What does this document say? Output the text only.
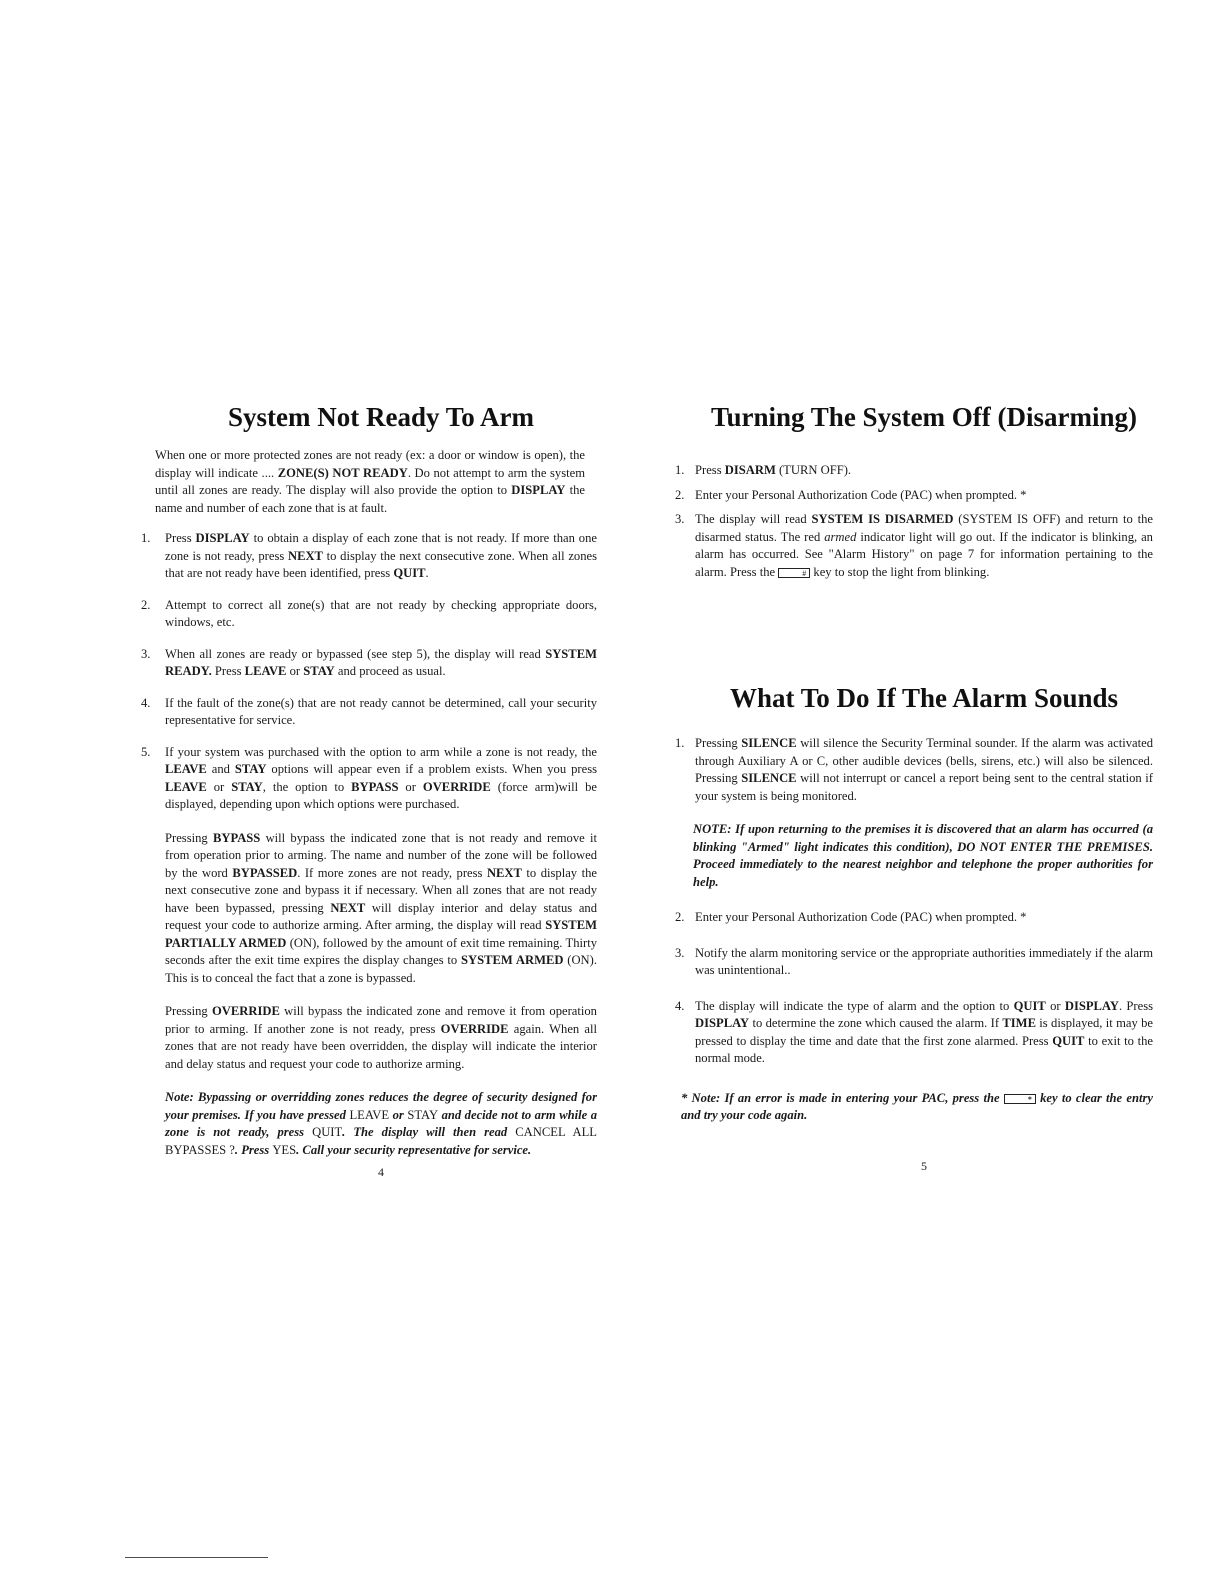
System Not Ready To Arm

When one or more protected zones are not ready (ex: a door or window is open), the display will indicate .... ZONE(S) NOT READY. Do not attempt to arm the system until all zones are ready. The display will also provide the option to DISPLAY the name and number of each zone that is at fault.

1. Press DISPLAY to obtain a display of each zone that is not ready. If more than one zone is not ready, press NEXT to display the next consecutive zone. When all zones that are not ready have been identified, press QUIT.

2. Attempt to correct all zone(s) that are not ready by checking appropriate doors, windows, etc.

3. When all zones are ready or bypassed (see step 5), the display will read SYSTEM READY. Press LEAVE or STAY and proceed as usual.

4. If the fault of the zone(s) that are not ready cannot be determined, call your security representative for service.

5. If your system was purchased with the option to arm while a zone is not ready, the LEAVE and STAY options will appear even if a problem exists. When you press LEAVE or STAY, the option to BYPASS or OVERRIDE (force arm)will be displayed, depending upon which options were purchased.

Pressing BYPASS will bypass the indicated zone that is not ready and remove it from operation prior to arming. The name and number of the zone will be followed by the word BYPASSED. If more zones are not ready, press NEXT to display the next consecutive zone and bypass it if necessary. When all zones that are not ready have been bypassed, pressing NEXT will display interior and delay status and request your code to authorize arming. After arming, the display will read SYSTEM PARTIALLY ARMED (ON), followed by the amount of exit time remaining. Thirty seconds after the exit time expires the display changes to SYSTEM ARMED (ON). This is to conceal the fact that a zone is bypassed.

Pressing OVERRIDE will bypass the indicated zone and remove it from operation prior to arming. If another zone is not ready, press OVERRIDE again. When all zones that are not ready have been overridden, the display will indicate the interior and delay status and request your code to authorize arming.

Note: Bypassing or overridding zones reduces the degree of security designed for your premises. If you have pressed LEAVE or STAY and decide not to arm while a zone is not ready, press QUIT. The display will then read CANCEL ALL BYPASSES ?. Press YES. Call your security representative for service.

4
Turning The System Off (Disarming)
1. Press DISARM (TURN OFF).

2. Enter your Personal Authorization Code (PAC) when prompted. *

3. The display will read SYSTEM IS DISARMED (SYSTEM IS OFF) and return to the disarmed status. The red armed indicator light will go out. If the indicator is blinking, an alarm has occurred. See "Alarm History" on page 7 for information pertaining to the alarm. Press the	# key to stop the light from blinking.

What To Do If The Alarm Sounds
1. Pressing SILENCE will silence the Security Terminal sounder. If the alarm was activated through Auxiliary A or C, other audible devices (bells, sirens, etc.) will also be silenced. Pressing SILENCE will not interrupt or cancel a report being sent to the central station if your system is being monitored.

NOTE: If upon returning to the premises it is discovered that an alarm has occurred (a blinking "Armed" light indicates this condition), DO NOT ENTER THE PREMISES. Proceed immediately to the nearest neighbor and telephone the proper authorities for help.

2. Enter your Personal Authorization Code (PAC) when prompted. *

3. Notify the alarm monitoring service or the appropriate authorities immediately if the alarm was unintentional..

4. The display will indicate the type of alarm and the option to QUIT or DISPLAY. Press DISPLAY to determine the zone which caused the alarm. If TIME is displayed, it may be pressed to display the time and date that the first zone alarmed. Press QUIT to exit to the normal mode.

* Note: If an error is made in entering your PAC, press the	* key to clear the entry and try your code again.

5
